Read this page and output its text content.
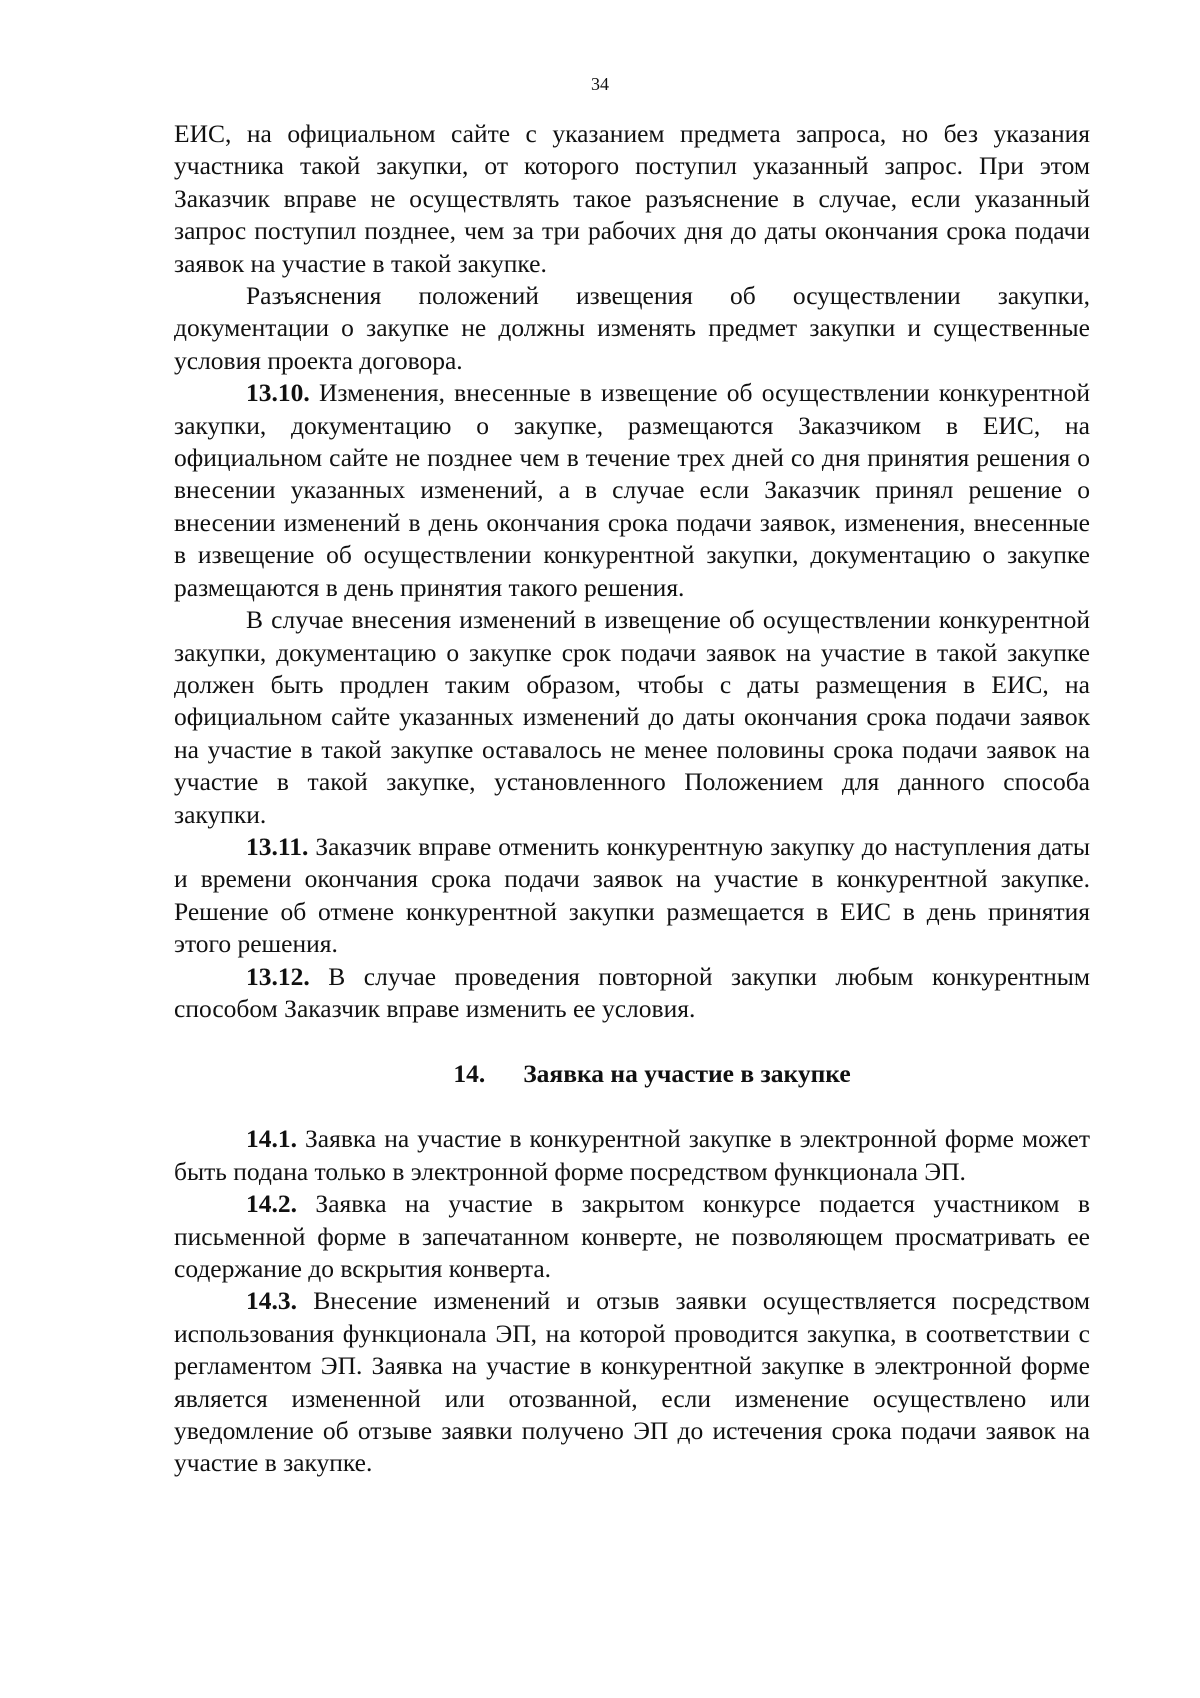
34

ЕИС, на официальном сайте с указанием предмета запроса, но без указания участника такой закупки, от которого поступил указанный запрос. При этом Заказчик вправе не осуществлять такое разъяснение в случае, если указанный запрос поступил позднее, чем за три рабочих дня до даты окончания срока подачи заявок на участие в такой закупке.

Разъяснения положений извещения об осуществлении закупки, документации о закупке не должны изменять предмет закупки и существенные условия проекта договора.

13.10. Изменения, внесенные в извещение об осуществлении конкурентной закупки, документацию о закупке, размещаются Заказчиком в ЕИС, на официальном сайте не позднее чем в течение трех дней со дня принятия решения о внесении указанных изменений, а в случае если Заказчик принял решение о внесении изменений в день окончания срока подачи заявок, изменения, внесенные в извещение об осуществлении конкурентной закупки, документацию о закупке размещаются в день принятия такого решения.

В случае внесения изменений в извещение об осуществлении конкурентной закупки, документацию о закупке срок подачи заявок на участие в такой закупке должен быть продлен таким образом, чтобы с даты размещения в ЕИС, на официальном сайте указанных изменений до даты окончания срока подачи заявок на участие в такой закупке оставалось не менее половины срока подачи заявок на участие в такой закупке, установленного Положением для данного способа закупки.

13.11. Заказчик вправе отменить конкурентную закупку до наступления даты и времени окончания срока подачи заявок на участие в конкурентной закупке. Решение об отмене конкурентной закупки размещается в ЕИС в день принятия этого решения.

13.12. В случае проведения повторной закупки любым конкурентным способом Заказчик вправе изменить ее условия.

14. Заявка на участие в закупке

14.1. Заявка на участие в конкурентной закупке в электронной форме может быть подана только в электронной форме посредством функционала ЭП.

14.2. Заявка на участие в закрытом конкурсе подается участником в письменной форме в запечатанном конверте, не позволяющем просматривать ее содержание до вскрытия конверта.

14.3. Внесение изменений и отзыв заявки осуществляется посредством использования функционала ЭП, на которой проводится закупка, в соответствии с регламентом ЭП. Заявка на участие в конкурентной закупке в электронной форме является измененной или отозванной, если изменение осуществлено или уведомление об отзыве заявки получено ЭП до истечения срока подачи заявок на участие в закупке.
